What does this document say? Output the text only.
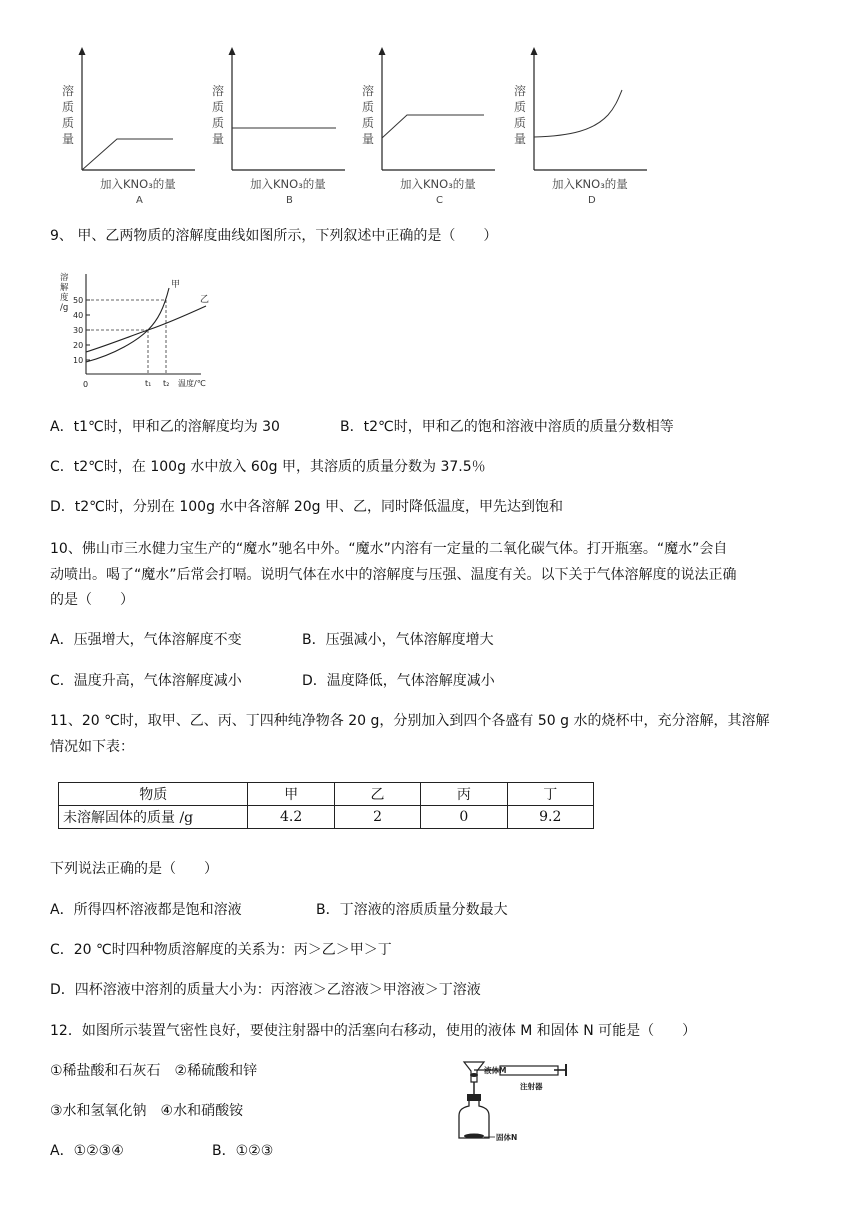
溶
质
质
量
加入KNO₃的量
A
溶
质
质
量
加入KNO₃的量
B
溶
质
质
量
加入KNO₃的量
C
溶
质
质
量
加入KNO₃的量
D
9、 甲、乙两物质的溶解度曲线如图所示，下列叙述中正确的是（　　）
溶
解
度
/g
50
40
30
20
10
0	t₁ t₂ 温度/℃
甲
乙
A．t1℃时，甲和乙的溶解度均为 30	B．t2℃时，甲和乙的饱和溶液中溶质的质量分数相等
C．t2℃时，在 100g 水中放入 60g 甲，其溶质的质量分数为 37.5％
D．t2℃时，分别在 100g 水中各溶解 20g 甲、乙，同时降低温度，甲先达到饱和
10、佛山市三水健力宝生产的“魔水”驰名中外。“魔水”内溶有一定量的二氧化碳气体。打开瓶塞。“魔水”会自
动喷出。喝了“魔水”后常会打嗝。说明气体在水中的溶解度与压强、温度有关。以下关于气体溶解度的说法正确
的是（　　）
A．压强增大，气体溶解度不变	B．压强减小，气体溶解度增大
C．温度升高，气体溶解度减小	D．温度降低，气体溶解度减小
11、20 ℃时，取甲、乙、丙、丁四种纯净物各 20 g，分别加入到四个各盛有 50 g 水的烧杯中，充分溶解，其溶解
情况如下表：
物质	甲	乙	丙	丁
未溶解固体的质量 /g	4.2	2	0	9.2
下列说法正确的是（　　）
A．所得四杯溶液都是饱和溶液	B．丁溶液的溶质质量分数最大
C．20 ℃时四种物质溶解度的关系为：丙＞乙＞甲＞丁
D．四杯溶液中溶剂的质量大小为：丙溶液＞乙溶液＞甲溶液＞丁溶液
12．如图所示装置气密性良好，要使注射器中的活塞向右移动，使用的液体 M 和固体 N 可能是（　　）
①稀盐酸和石灰石　②稀硫酸和锌
③水和氢氧化钠　④水和硝酸铵
A．①②③④	B．①②③
液体M
注射器
固体N
